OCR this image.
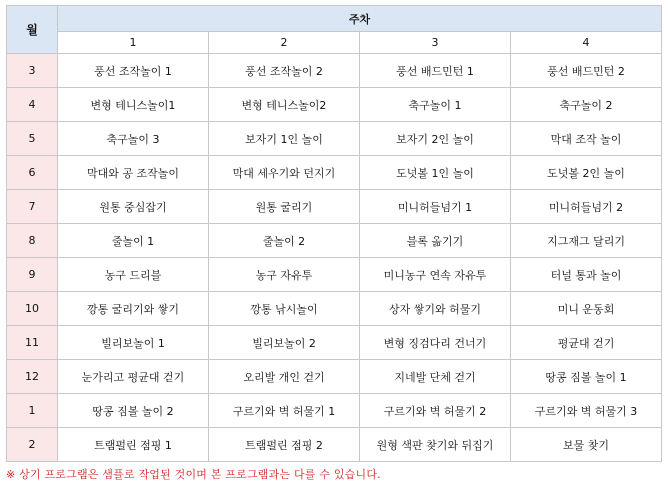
월	주차			
	1	2	3	4
3	풍선 조작놀이 1	풍선 조작놀이 2	풍선 배드민턴 1	풍선 배드민턴 2
4	변형 테니스놀이1	변형 테니스놀이2	축구놀이 1	축구놀이 2
5	축구놀이 3	보자기 1인 놀이	보자기 2인 놀이	막대 조작 놀이
6	막대와 공 조작놀이	막대 세우기와 던지기	도넛볼 1인 놀이	도넛볼 2인 놀이
7	원통 중심잡기	원통 굴리기	미니허들넘기 1	미니허들넘기 2
8	줄놀이 1	줄놀이 2	블록 옮기기	지그재그 달리기
9	농구 드리블	농구 자유투	미니농구 연속 자유투	터널 통과 놀이
10	깡통 굴리기와 쌓기	깡통 낚시놀이	상자 쌓기와 허물기	미니 운동회
11	빌리보놀이 1	빌리보놀이 2	변형 징검다리 건너기	평균대 걷기
12	눈가리고 평균대 걷기	오리발 개인 걷기	지네발 단체 걷기	땅콩 짐볼 놀이 1
1	땅콩 짐볼 놀이 2	구르기와 벽 허물기 1	구르기와 벽 허물기 2	구르기와 벽 허물기 3
2	트램펄린 점핑 1	트램펄린 점핑 2	원형 색판 찾기와 뒤집기	보물 찾기
※ 상기 프로그램은 샘플로 작업된 것이며 본 프로그램과는 다를 수 있습니다.
